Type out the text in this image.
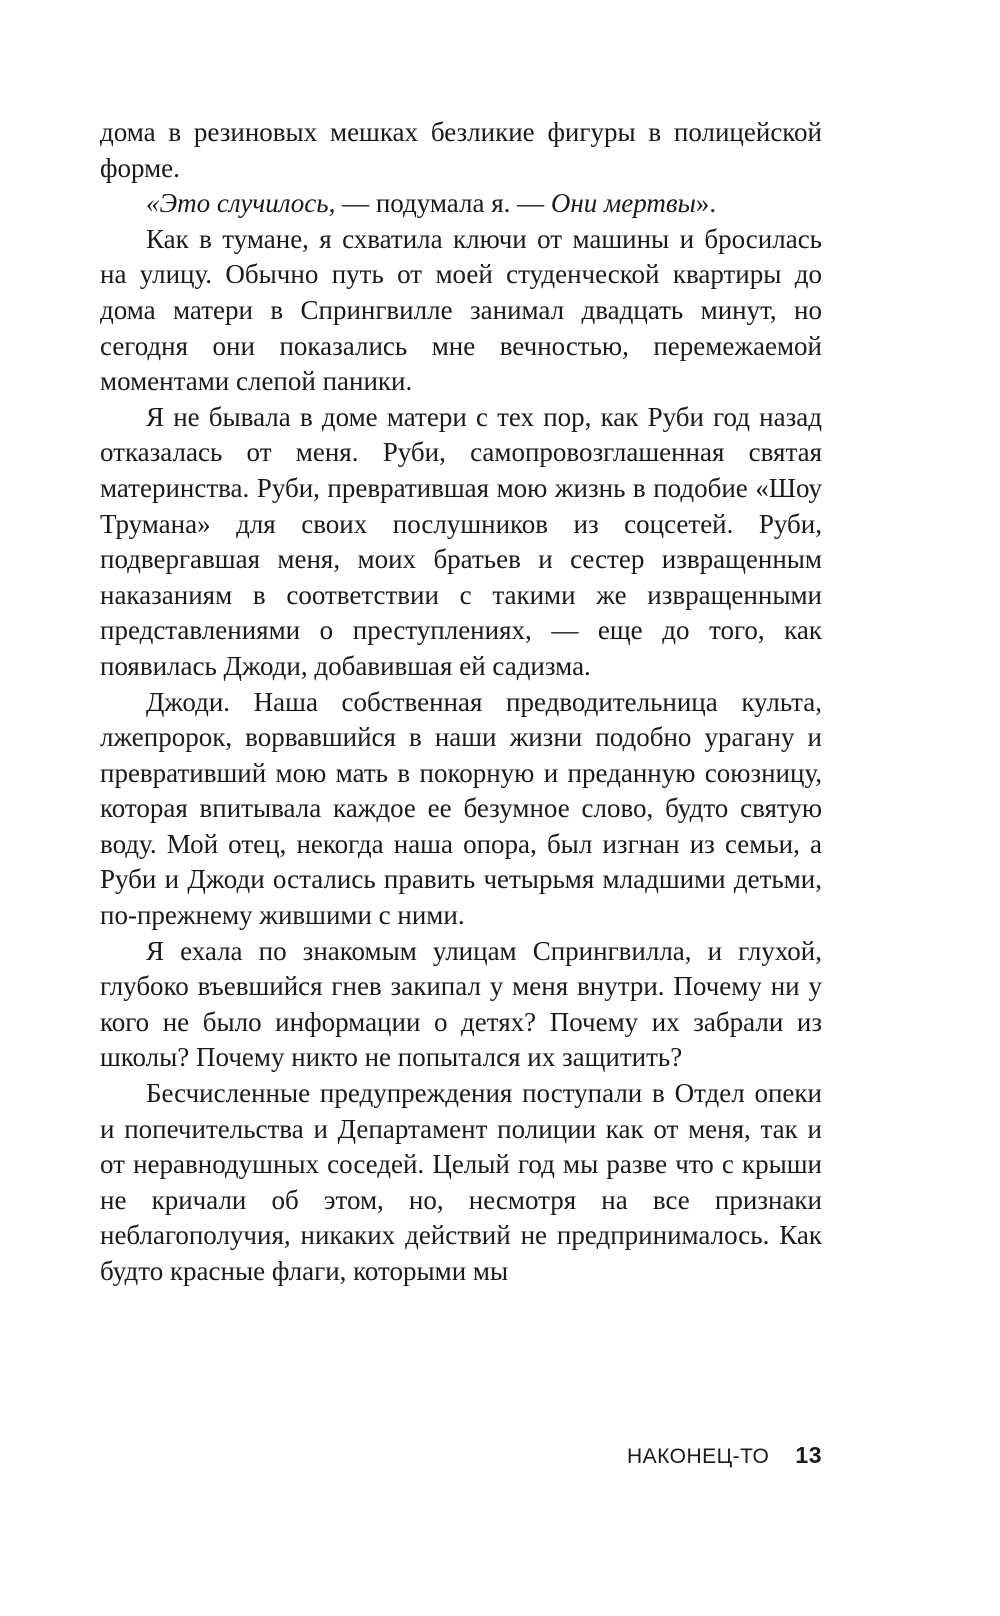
дома в резиновых мешках безликие фигуры в полицейской форме.

«Это случилось, — подумала я. — Они мертвы».

Как в тумане, я схватила ключи от машины и бросилась на улицу. Обычно путь от моей студенческой квартиры до дома матери в Спрингвилле занимал двадцать минут, но сегодня они показались мне вечностью, перемежаемой моментами слепой паники.

Я не бывала в доме матери с тех пор, как Руби год назад отказалась от меня. Руби, самопровозглашенная святая материнства. Руби, превратившая мою жизнь в подобие «Шоу Трумана» для своих послушников из соцсетей. Руби, подвергавшая меня, моих братьев и сестер извращенным наказаниям в соответствии с такими же извращенными представлениями о преступлениях, — еще до того, как появилась Джоди, добавившая ей садизма.

Джоди. Наша собственная предводительница культа, лжепророк, ворвавшийся в наши жизни подобно урагану и превративший мою мать в покорную и преданную союзницу, которая впитывала каждое ее безумное слово, будто святую воду. Мой отец, некогда наша опора, был изгнан из семьи, а Руби и Джоди остались править четырьмя младшими детьми, по-прежнему жившими с ними.

Я ехала по знакомым улицам Спрингвилла, и глухой, глубоко въевшийся гнев закипал у меня внутри. Почему ни у кого не было информации о детях? Почему их забрали из школы? Почему никто не попытался их защитить?

Бесчисленные предупреждения поступали в Отдел опеки и попечительства и Департамент полиции как от меня, так и от неравнодушных соседей. Целый год мы разве что с крыши не кричали об этом, но, несмотря на все признаки неблагополучия, никаких действий не предпринималось. Как будто красные флаги, которыми мы

НАКОНЕЦ-ТО 13
